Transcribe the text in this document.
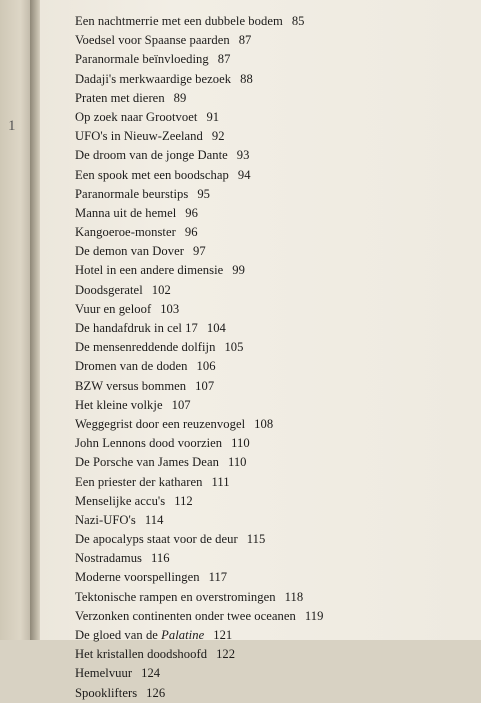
1
Een nachtmerrie met een dubbele bodem 85
Voedsel voor Spaanse paarden 87
Paranormale beïnvloeding 87
Dadaji's merkwaardige bezoek 88
Praten met dieren 89
Op zoek naar Grootvoet 91
UFO's in Nieuw-Zeeland 92
De droom van de jonge Dante 93
Een spook met een boodschap 94
Paranormale beurstips 95
Manna uit de hemel 96
Kangoeroe-monster 96
De demon van Dover 97
Hotel in een andere dimensie 99
Doodsgeratel 102
Vuur en geloof 103
De handafdruk in cel 17 104
De mensenreddende dolfijn 105
Dromen van de doden 106
BZW versus bommen 107
Het kleine volkje 107
Weggegrist door een reuzenvogel 108
John Lennons dood voorzien 110
De Porsche van James Dean 110
Een priester der katharen 111
Menselijke accu's 112
Nazi-UFO's 114
De apocalyps staat voor de deur 115
Nostradamus 116
Moderne voorspellingen 117
Tektonische rampen en overstromingen 118
Verzonken continenten onder twee oceanen 119
De gloed van de Palatine 121
Het kristallen doodshoofd 122
Hemelvuur 124
Spooklifters 126
